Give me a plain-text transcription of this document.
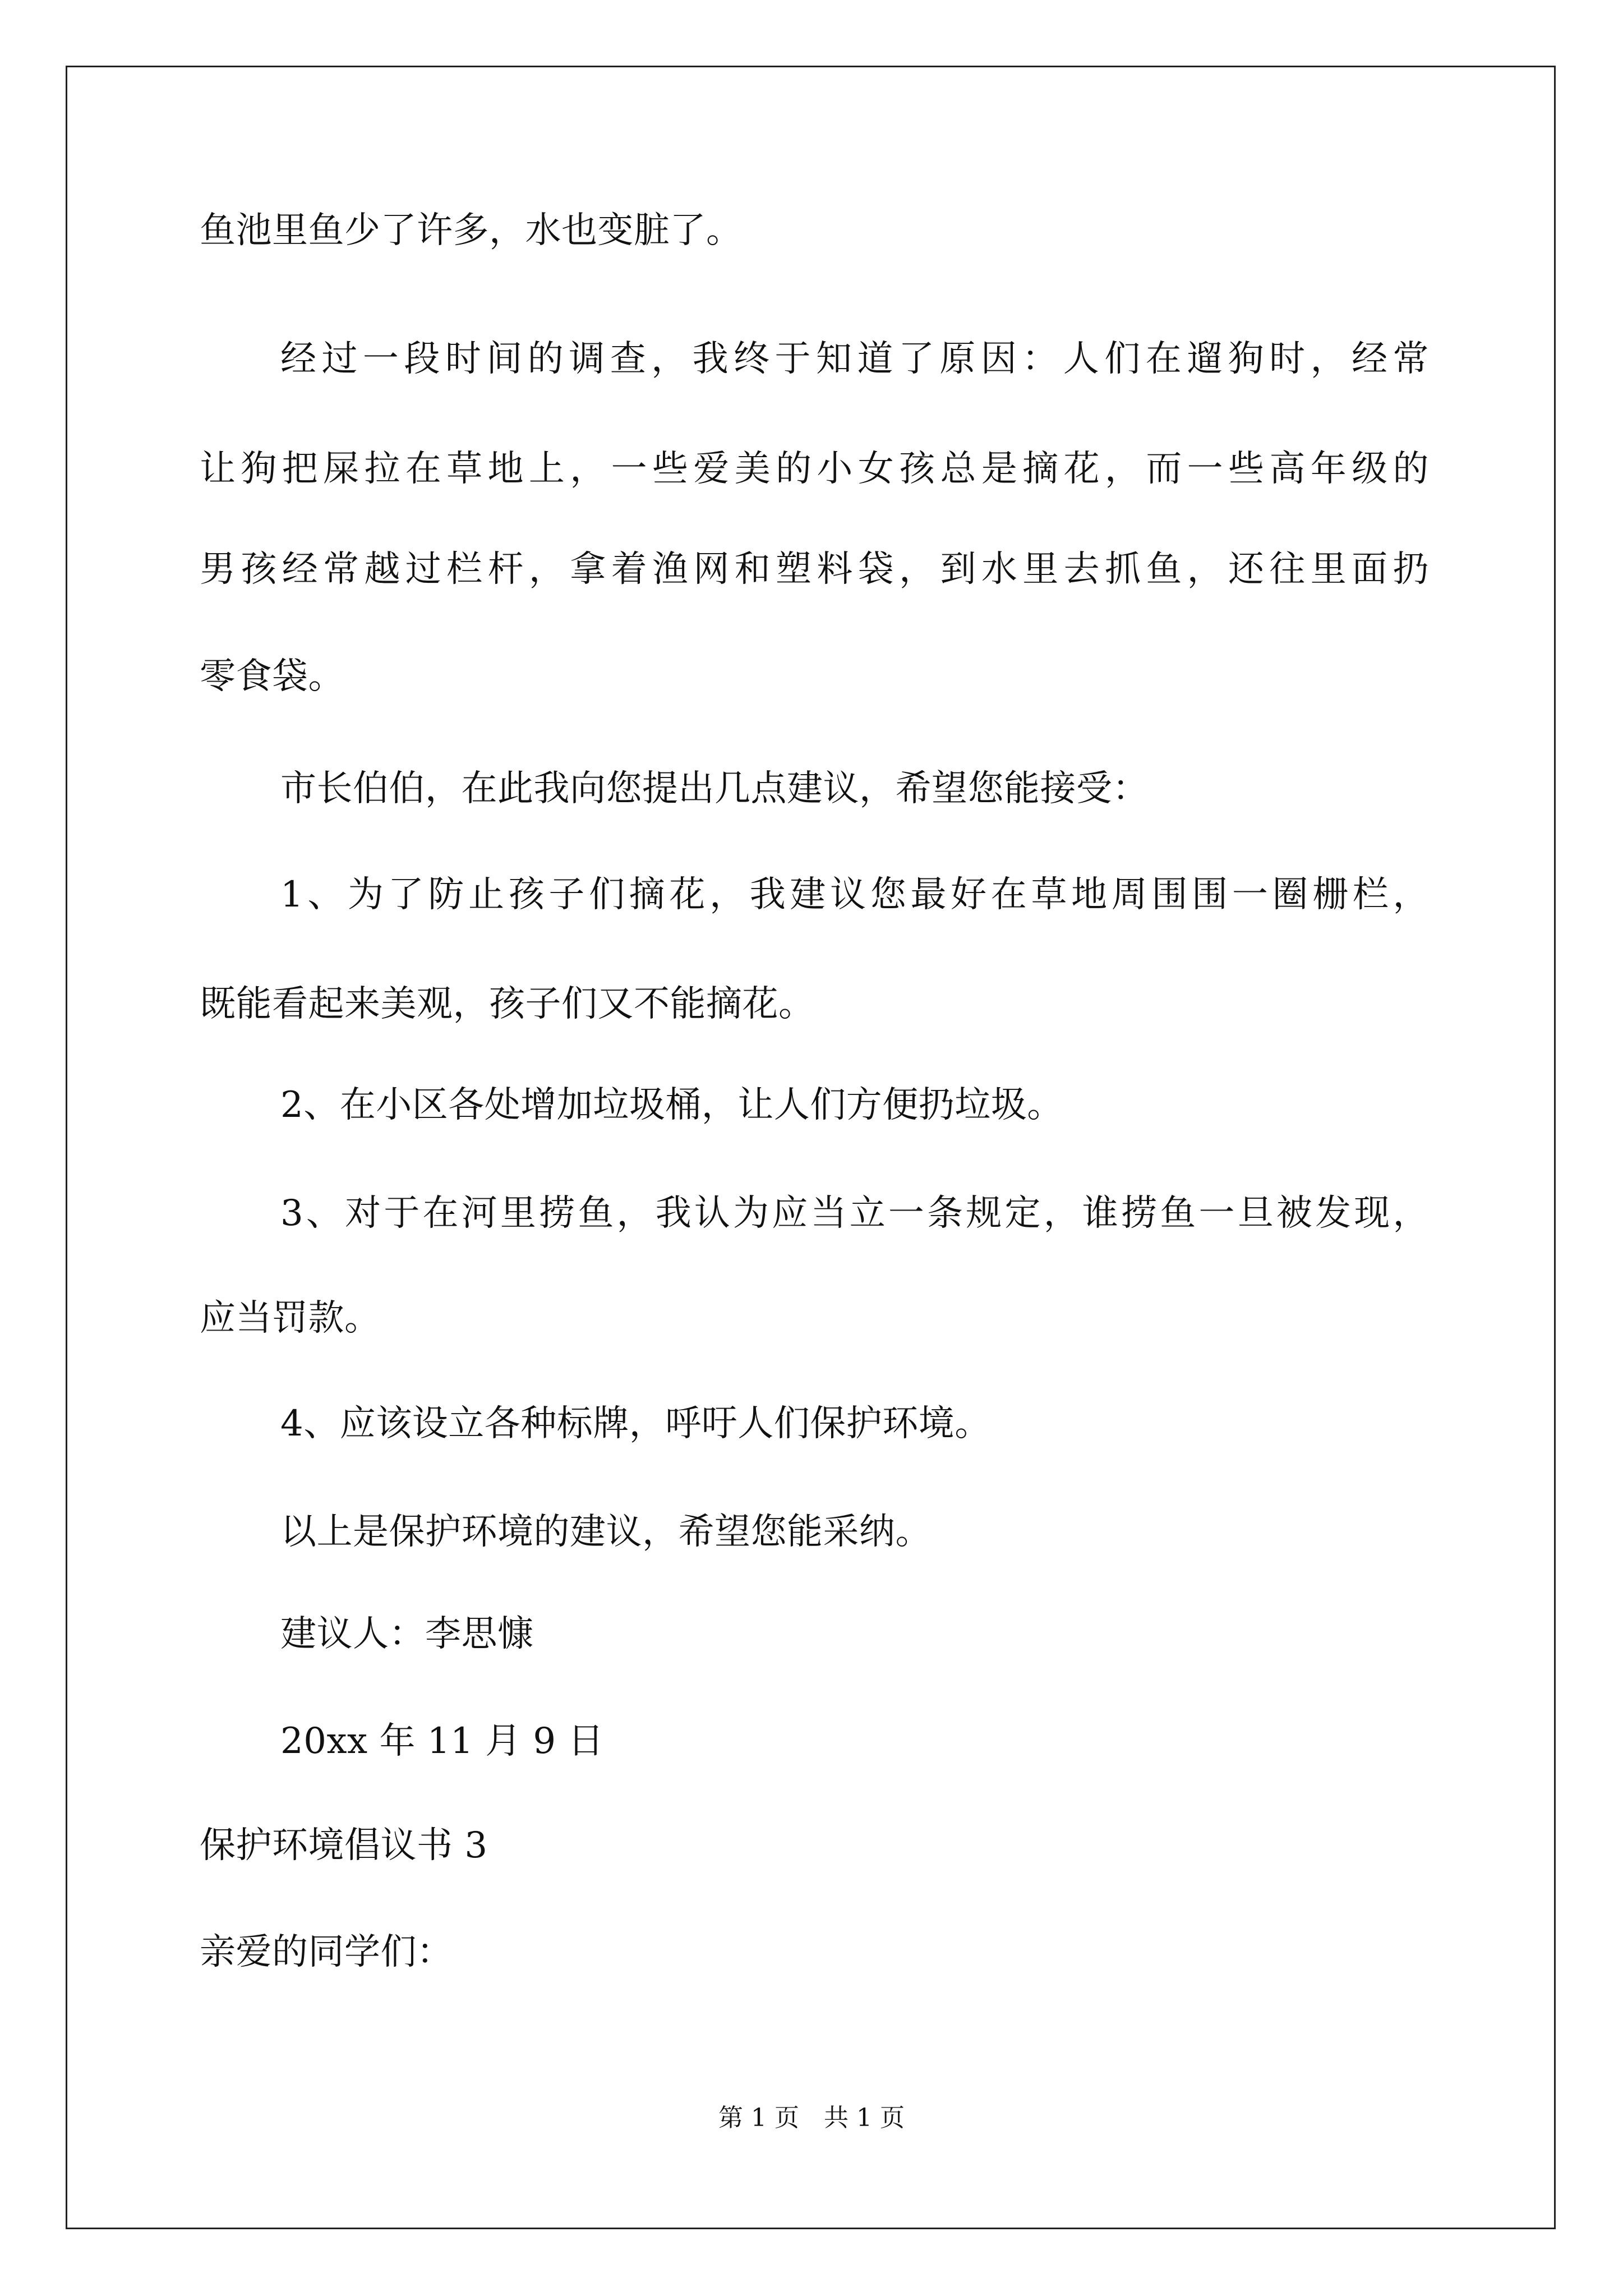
鱼池里鱼少了许多，水也变脏了。

经过一段时间的调查，我终于知道了原因：人们在遛狗时，经常

让狗把屎拉在草地上，一些爱美的小女孩总是摘花，而一些高年级的

男孩经常越过栏杆，拿着渔网和塑料袋，到水里去抓鱼，还往里面扔

零食袋。

市长伯伯，在此我向您提出几点建议，希望您能接受：

1、为了防止孩子们摘花，我建议您最好在草地周围围一圈栅栏，

既能看起来美观，孩子们又不能摘花。

2、在小区各处增加垃圾桶，让人们方便扔垃圾。

3、对于在河里捞鱼，我认为应当立一条规定，谁捞鱼一旦被发现，

应当罚款。

4、应该设立各种标牌，呼吁人们保护环境。

以上是保护环境的建议，希望您能采纳。

建议人：李思慷

20xx 年 11 月 9 日

保护环境倡议书 3

亲爱的同学们：

第 1 页　共 1 页
